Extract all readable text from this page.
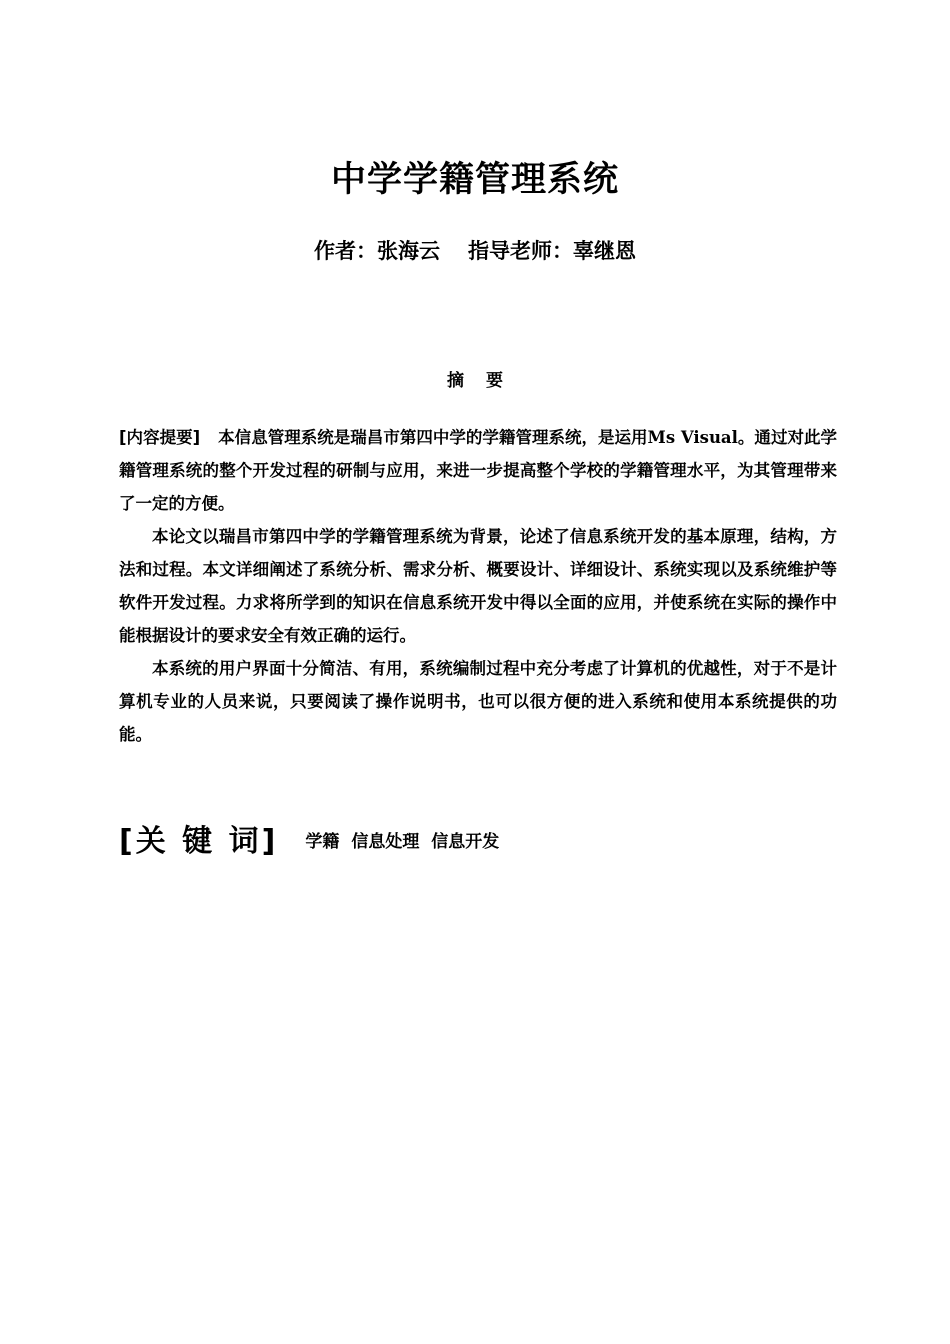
中学学籍管理系统
作者：张海云 指导老师：辜继恩
摘 要

[内容提要] 本信息管理系统是瑞昌市第四中学的学籍管理系统，是运用Ms Visual。通过对此学籍管理系统的整个开发过程的研制与应用，来进一步提高整个学校的学籍管理水平，为其管理带来了一定的方便。

本论文以瑞昌市第四中学的学籍管理系统为背景，论述了信息系统开发的基本原理，结构，方法和过程。本文详细阐述了系统分析、需求分析、概要设计、详细设计、系统实现以及系统维护等软件开发过程。力求将所学到的知识在信息系统开发中得以全面的应用，并使系统在实际的操作中能根据设计的要求安全有效正确的运行。

本系统的用户界面十分简洁、有用，系统编制过程中充分考虑了计算机的优越性，对于不是计算机专业的人员来说，只要阅读了操作说明书，也可以很方便的进入系统和使用本系统提供的功能。

[关 键 词] 学籍 信息处理 信息开发
